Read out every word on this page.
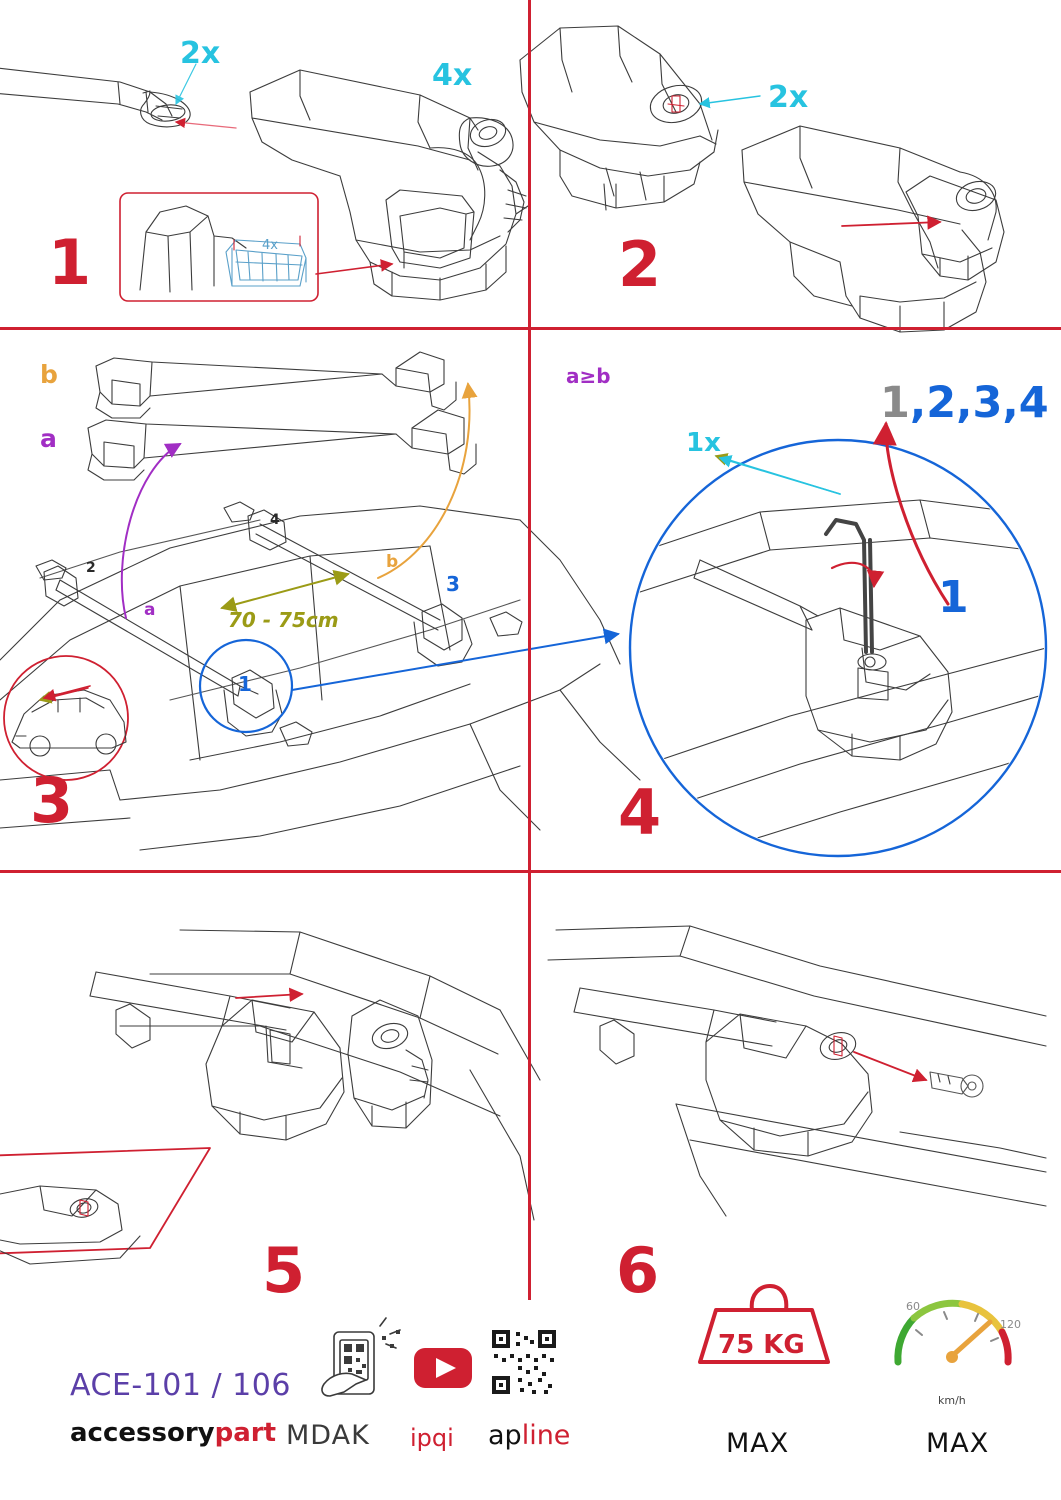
1	2
3	4
5	6
2x
4x
4x
2x
b
a
a≥b
a
b
70 - 75cm
2
4
3
1
1x
1,2,3,4
1
ACE-101 / 106
accessorypart MDAK ipqi apline
75 KG
MAX	MAX
km/h
60
120
